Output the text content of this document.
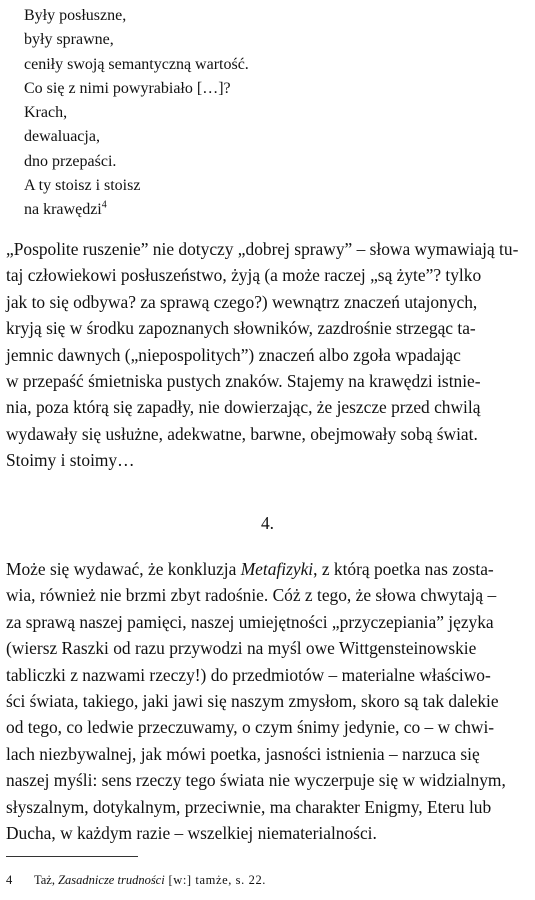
Były posłuszne,
były sprawne,
ceniły swoją semantyczną wartość.
Co się z nimi powyrabiało […]?
Krach,
dewaluacja,
dno przepaści.
A ty stoisz i stoisz
na krawędzi$^4$

„Pospolite ruszenie” nie dotyczy „dobrej sprawy” – słowa wymawiają tu-
taj człowiekowi posłuszeństwo, żyją (a może raczej „są żyte”? tylko
jak to się odbywa? za sprawą czego?) wewnątrz znaczeń utajonych,
kryją się w środku zapoznanych słowników, zazdrośnie strzegąc ta-
jemnic dawnych („niepospolitych”) znaczeń albo zgoła wpadając
w przepaść śmietniska pustych znaków. Stajemy na krawędzi istnie-
nia, poza którą się zapadły, nie dowierzając, że jeszcze przed chwilą
wydawały się usłużne, adekwatne, barwne, obejmowały sobą świat.
Stoimy i stoimy…

4.

Może się wydawać, że konkluzja Metafizyki, z którą poetka nas zosta-
wia, również nie brzmi zbyt radośnie. Cóż z tego, że słowa chwytają –
za sprawą naszej pamięci, naszej umiejętności „przyczepiania” języka
(wiersz Raszki od razu przywodzi na myśl owe Wittgensteinowskie
tabliczki z nazwami rzeczy!) do przedmiotów – materialne właściwo-
ści świata, takiego, jaki jawi się naszym zmysłom, skoro są tak dalekie
od tego, co ledwie przeczuwamy, o czym śnimy jedynie, co – w chwi-
lach niezbywalnej, jak mówi poetka, jasności istnienia – narzuca się
naszej myśli: sens rzeczy tego świata nie wyczerpuje się w widzialnym,
słyszalnym, dotykalnym, przeciwnie, ma charakter Enigmy, Eteru lub
Ducha, w każdym razie – wszelkiej niematerialności.

4 Taż, Zasadnicze trudności [w:] tamże, s. 22.
